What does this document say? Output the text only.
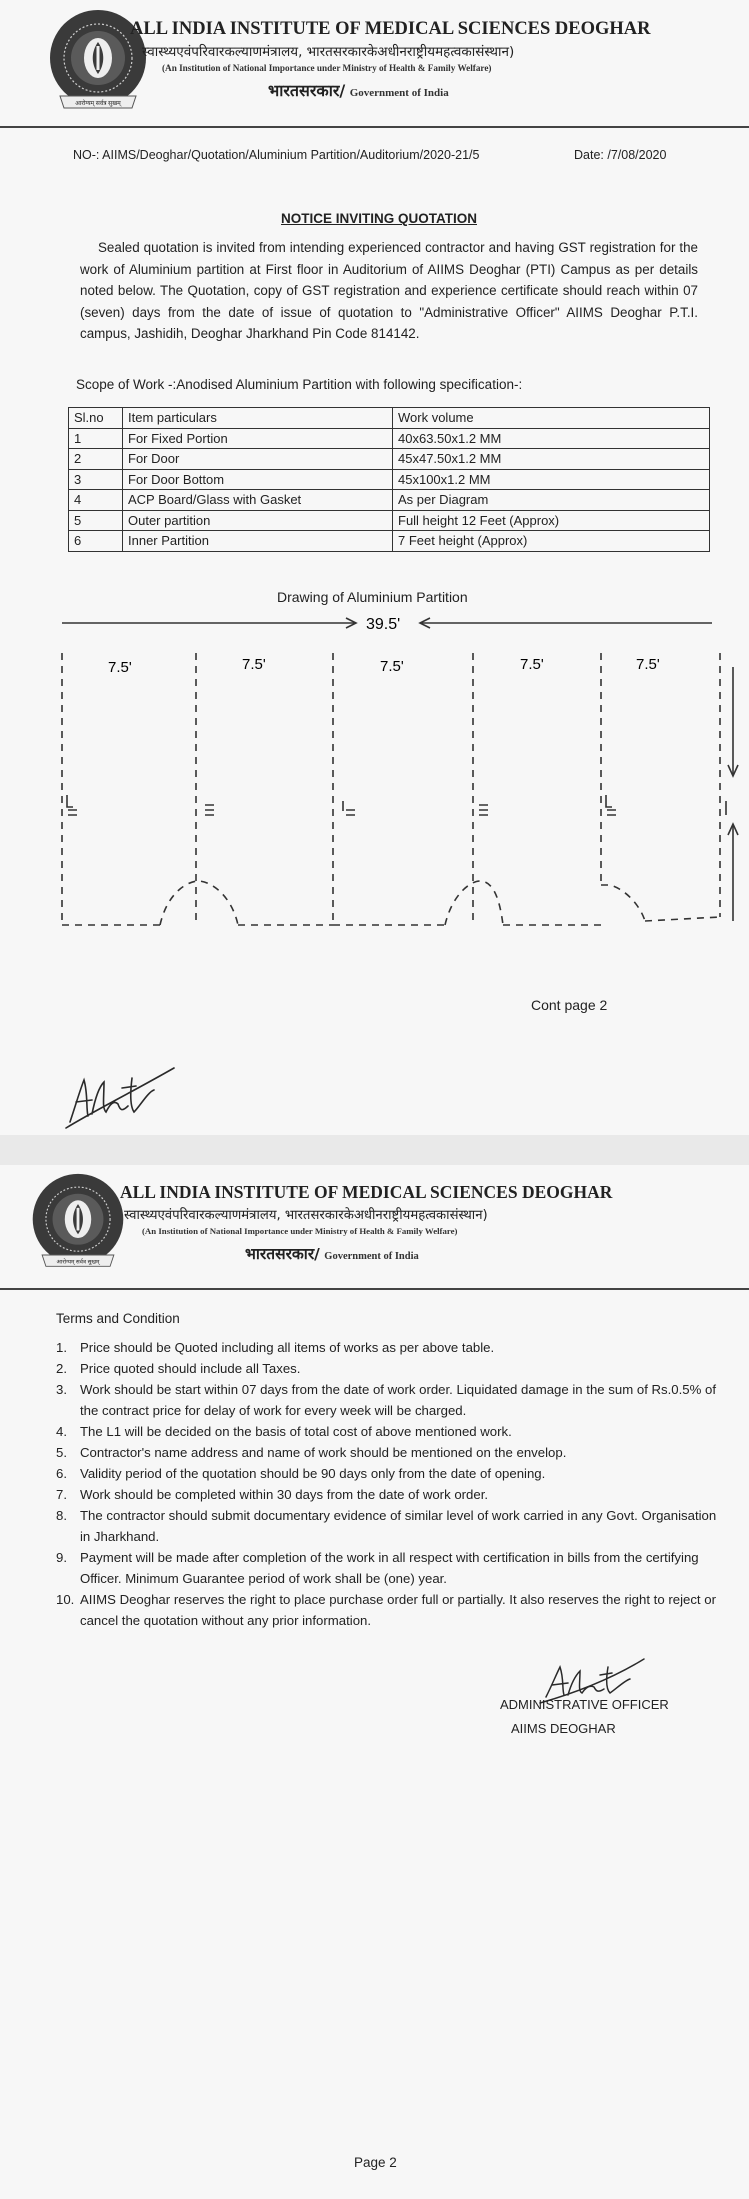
आरोग्यम् सर्वत्र सुखम्
ALL INDIA INSTITUTE OF MEDICAL SCIENCES DEOGHAR
स्वास्थ्यएवंपरिवारकल्याणमंत्रालय, भारतसरकारकेअधीनराष्ट्रीयमहत्वकासंस्थान)
(An Institution of National Importance under Ministry of Health & Family Welfare)
भारतसरकार/ Government of India
NO-: AIIMS/Deoghar/Quotation/Aluminium Partition/Auditorium/2020-21/5	Date: /7/08/2020
NOTICE INVITING QUOTATION
Sealed quotation is invited from intending experienced contractor and having GST registration for the work of Aluminium partition at First floor in Auditorium of AIIMS Deoghar (PTI) Campus as per details noted below. The Quotation, copy of GST registration and experience certificate should reach within 07 (seven) days from the date of issue of quotation to "Administrative Officer" AIIMS Deoghar P.T.I. campus, Jashidih, Deoghar Jharkhand Pin Code 814142.
Scope of Work -:Anodised Aluminium Partition with following specification-:
Sl.no	Item particulars	Work volume
1	For Fixed Portion	40x63.50x1.2 MM
2	For Door	45x47.50x1.2 MM
3	For Door Bottom	45x100x1.2 MM
4	ACP Board/Glass with Gasket	As per Diagram
5	Outer partition	Full height 12 Feet (Approx)
6	Inner Partition	7 Feet height (Approx)
Drawing of Aluminium Partition
39.5'
7.5'	7.5'	7.5'	7.5'	7.5'
Cont page 2
Ablatel
आरोग्यम् सर्वत्र सुखम्
ALL INDIA INSTITUTE OF MEDICAL SCIENCES DEOGHAR
स्वास्थ्यएवंपरिवारकल्याणमंत्रालय, भारतसरकारकेअधीनराष्ट्रीयमहत्वकासंस्थान)
(An Institution of National Importance under Ministry of Health & Family Welfare)
भारतसरकार/ Government of India
Terms and Condition
1. Price should be Quoted including all items of works as per above table.
2. Price quoted should include all Taxes.
3. Work should be start within 07 days from the date of work order. Liquidated damage in the sum of Rs.0.5% of the contract price for delay of work for every week will be charged.
4. The L1 will be decided on the basis of total cost of above mentioned work.
5. Contractor's name address and name of work should be mentioned on the envelop.
6. Validity period of the quotation should be 90 days only from the date of opening.
7. Work should be completed within 30 days from the date of work order.
8. The contractor should submit documentary evidence of similar level of work carried in any Govt. Organisation in Jharkhand.
9. Payment will be made after completion of the work in all respect with certification in bills from the certifying Officer. Minimum Guarantee period of work shall be (one) year.
10. AIIMS Deoghar reserves the right to place purchase order full or partially. It also reserves the right to reject or cancel the quotation without any prior information.
ADMINISTRATIVE OFFICER
AIIMS DEOGHAR
Page 2
